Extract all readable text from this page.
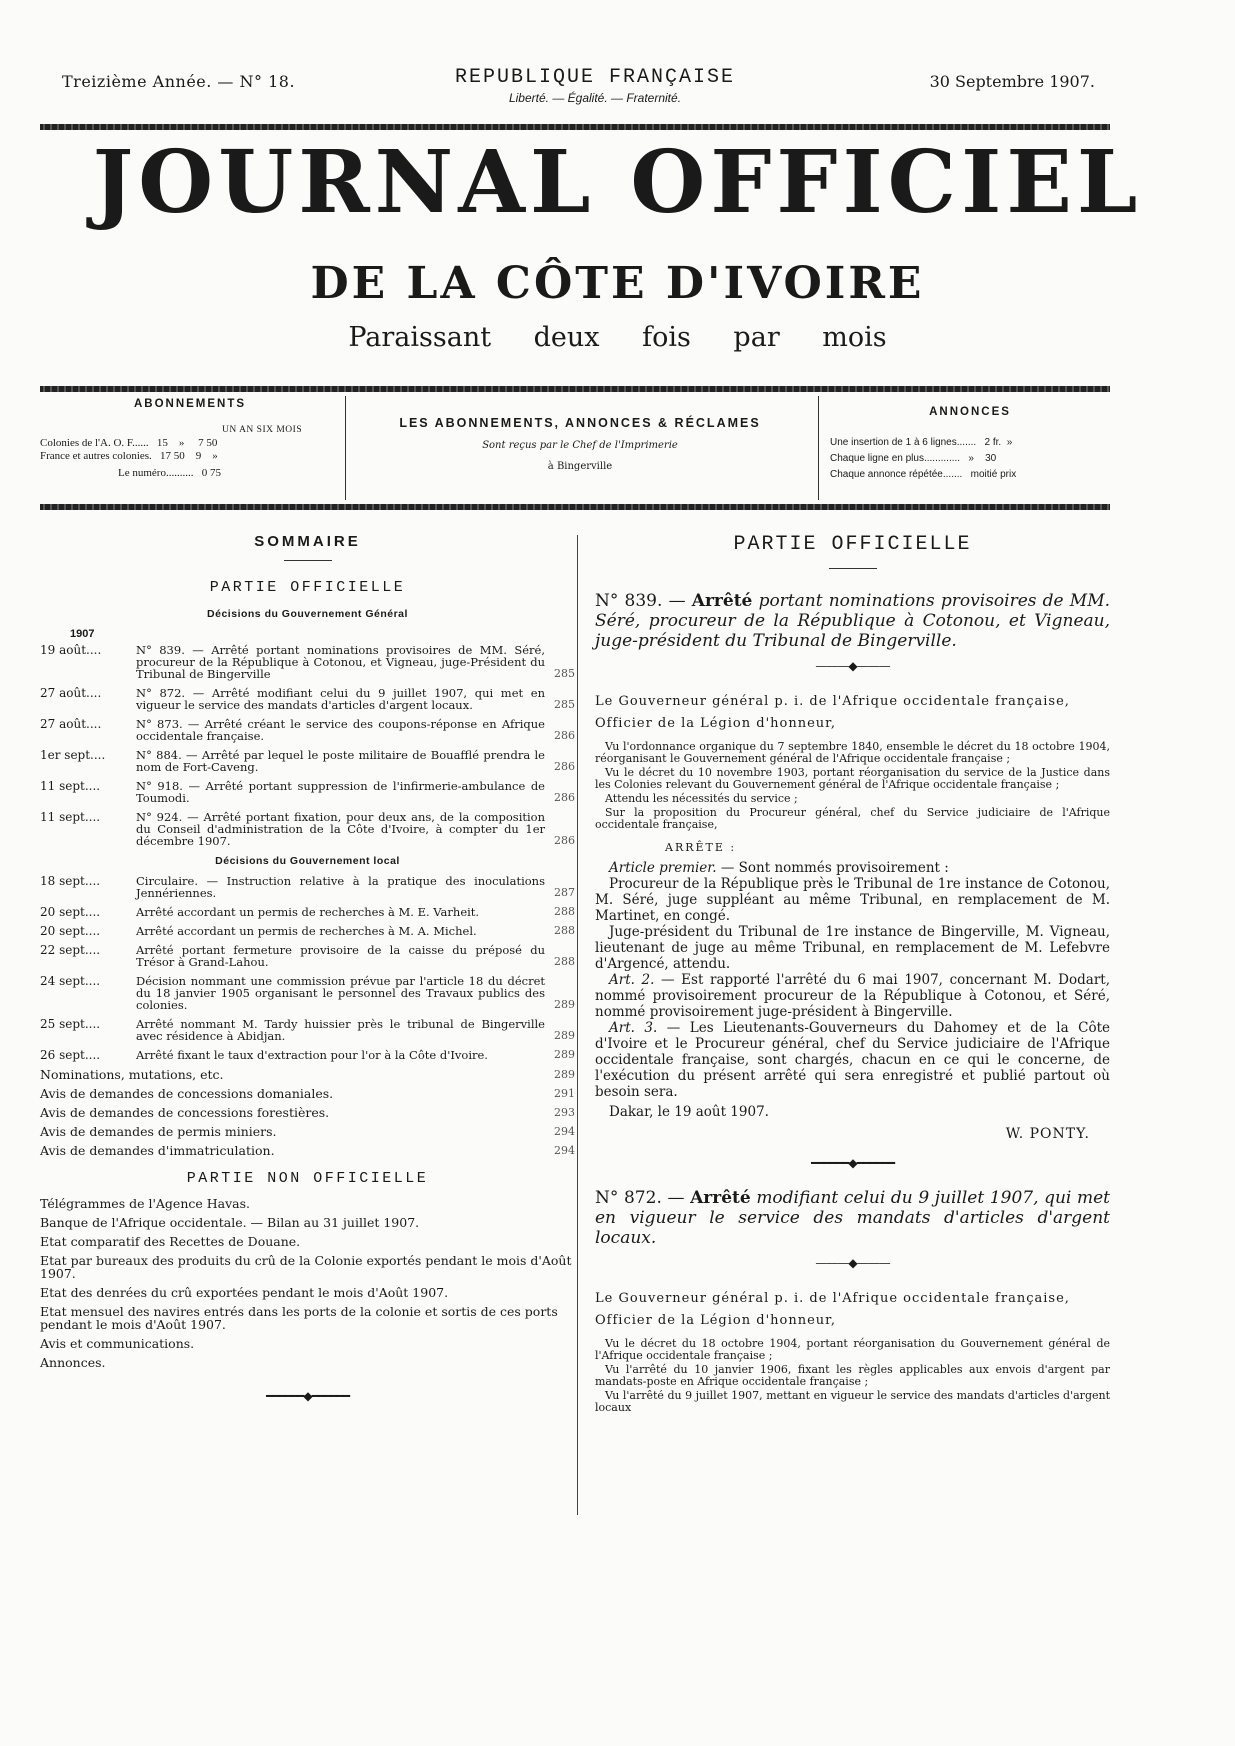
Treizième Année. — N° 18.	REPUBLIQUE FRANÇAISE
Liberté. — Égalité. — Fraternité.
30 Septembre 1907.
JOURNAL OFFICIEL
DE LA CÔTE D'IVOIRE
Paraissant deux fois par mois
ABONNEMENTS
UN AN SIX MOIS
Colonies de l'A. O. F......   15    »     7 50
France et autres colonies.   17 50    9    »
Le numéro..........   0 75
LES ABONNEMENTS, ANNONCES & RÉCLAMES
Sont reçus par le Chef de l'Imprimerie
à Bingerville
ANNONCES
Une insertion de 1 à 6 lignes.......   2 fr.  »
Chaque ligne en plus.............   »    30
Chaque annonce répétée.......   moitié prix
SOMMAIRE
PARTIE OFFICIELLE
Décisions du Gouvernement Général
1907
19 août....	N° 839. — Arrêté portant nominations provisoires de MM. Séré, procureur de la République à Cotonou, et Vigneau, juge-Président du Tribunal de Bingerville	285
27 août....	N° 872. — Arrêté modifiant celui du 9 juillet 1907, qui met en vigueur le service des mandats d'articles d'argent locaux.	285
27 août....	N° 873. — Arrêté créant le service des coupons-réponse en Afrique occidentale française.	286
1er sept....	N° 884. — Arrêté par lequel le poste militaire de Bouafflé prendra le nom de Fort-Caveng.	286
11 sept....	N° 918. — Arrêté portant suppression de l'infirmerie-ambulance de Toumodi.	286
11 sept....	N° 924. — Arrêté portant fixation, pour deux ans, de la composition du Conseil d'administration de la Côte d'Ivoire, à compter du 1er décembre 1907.	286
Décisions du Gouvernement local
18 sept....	Circulaire. — Instruction relative à la pratique des inoculations Jennériennes.	287
20 sept....	Arrêté accordant un permis de recherches à M. E. Varheit.	288
20 sept....	Arrêté accordant un permis de recherches à M. A. Michel.	288
22 sept....	Arrêté portant fermeture provisoire de la caisse du préposé du Trésor à Grand-Lahou.	288
24 sept....	Décision nommant une commission prévue par l'article 18 du décret du 18 janvier 1905 organisant le personnel des Travaux publics des colonies.	289
25 sept....	Arrêté nommant M. Tardy huissier près le tribunal de Bingerville avec résidence à Abidjan.	289
26 sept....	Arrêté fixant le taux d'extraction pour l'or à la Côte d'Ivoire.	289
Nominations, mutations, etc.	289
Avis de demandes de concessions domaniales.	291
Avis de demandes de concessions forestières.	293
Avis de demandes de permis miniers.	294
Avis de demandes d'immatriculation.	294
PARTIE NON OFFICIELLE
Télégrammes de l'Agence Havas.
Banque de l'Afrique occidentale. — Bilan au 31 juillet 1907.
Etat comparatif des Recettes de Douane.
Etat par bureaux des produits du crû de la Colonie exportés pendant le mois d'Août 1907.
Etat des denrées du crû exportées pendant le mois d'Août 1907.
Etat mensuel des navires entrés dans les ports de la colonie et sortis de ces ports pendant le mois d'Août 1907.
Avis et communications.
Annonces.
━━━━━━◆━━━━━━
PARTIE OFFICIELLE
N° 839. — Arrêté portant nominations provisoires de MM. Séré, procureur de la République à Cotonou, et Vigneau, juge-président du Tribunal de Bingerville.
———◆———
Le Gouverneur général p. i. de l'Afrique occidentale française, Officier de la Légion d'honneur,
Vu l'ordonnance organique du 7 septembre 1840, ensemble le décret du 18 octobre 1904, réorganisant le Gouvernement général de l'Afrique occidentale française ;
Vu le décret du 10 novembre 1903, portant réorganisation du service de la Justice dans les Colonies relevant du Gouvernement général de l'Afrique occidentale française ;
Attendu les nécessités du service ;
Sur la proposition du Procureur général, chef du Service judiciaire de l'Afrique occidentale française,
ARRÊTE :
Article premier. — Sont nommés provisoirement :
Procureur de la République près le Tribunal de 1re instance de Cotonou, M. Séré, juge suppléant au même Tribunal, en remplacement de M. Martinet, en congé.
Juge-président du Tribunal de 1re instance de Bingerville, M. Vigneau, lieutenant de juge au même Tribunal, en remplacement de M. Lefebvre d'Argencé, attendu.
Art. 2. — Est rapporté l'arrêté du 6 mai 1907, concernant M. Dodart, nommé provisoirement procureur de la République à Cotonou, et Séré, nommé provisoirement juge-président à Bingerville.
Art. 3. — Les Lieutenants-Gouverneurs du Dahomey et de la Côte d'Ivoire et le Procureur général, chef du Service judiciaire de l'Afrique occidentale française, sont chargés, chacun en ce qui le concerne, de l'exécution du présent arrêté qui sera enregistré et publié partout où besoin sera.
Dakar, le 19 août 1907.
W. PONTY.
━━━━━━◆━━━━━━
N° 872. — Arrêté modifiant celui du 9 juillet 1907, qui met en vigueur le service des mandats d'articles d'argent locaux.
———◆———
Le Gouverneur général p. i. de l'Afrique occidentale française, Officier de la Légion d'honneur,
Vu le décret du 18 octobre 1904, portant réorganisation du Gouvernement général de l'Afrique occidentale française ;
Vu l'arrêté du 10 janvier 1906, fixant les règles applicables aux envois d'argent par mandats-poste en Afrique occidentale française ;
Vu l'arrêté du 9 juillet 1907, mettant en vigueur le service des mandats d'articles d'argent locaux
